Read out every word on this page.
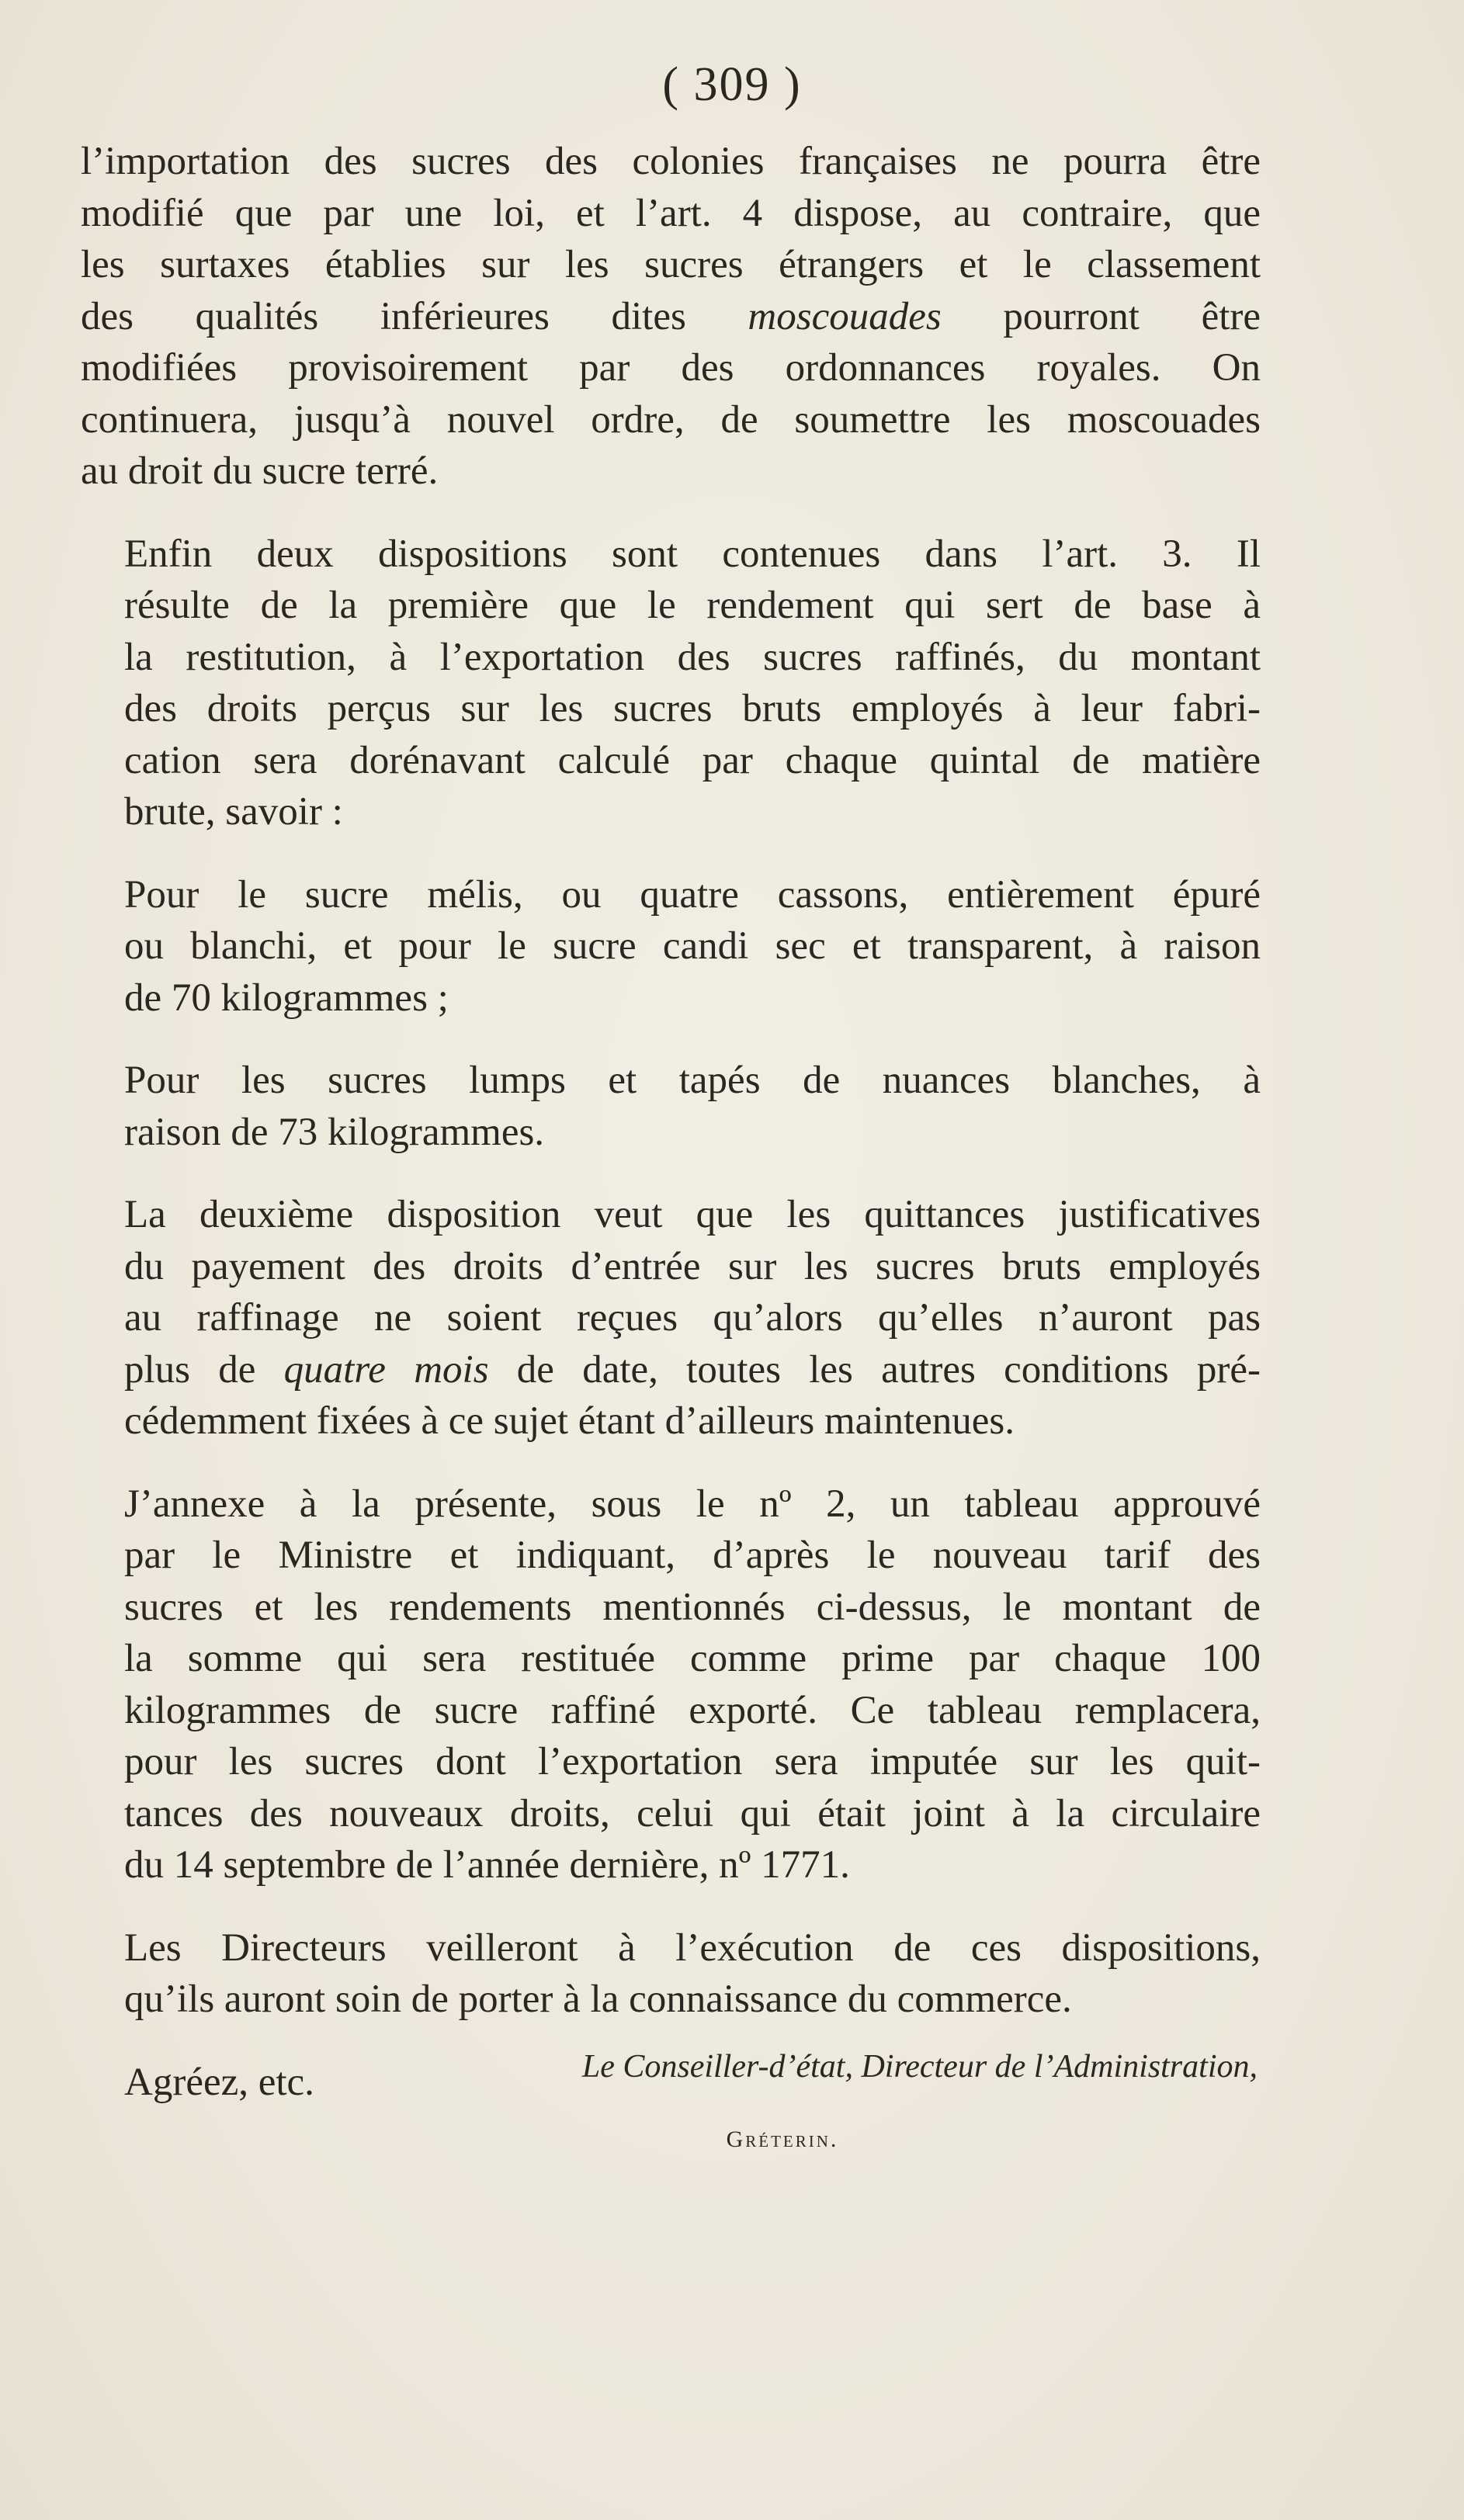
( 309 )
l’importation des sucres des colonies françaises ne pourra être
modifié que par une loi, et l’art. 4 dispose, au contraire, que
les surtaxes établies sur les sucres étrangers et le classement
des qualités inférieures dites moscouades pourront être
modifiées provisoirement par des ordonnances royales. On
continuera, jusqu’à nouvel ordre, de soumettre les moscouades
au droit du sucre terré.
Enfin deux dispositions sont contenues dans l’art. 3. Il
résulte de la première que le rendement qui sert de base à
la restitution, à l’exportation des sucres raffinés, du montant
des droits perçus sur les sucres bruts employés à leur fabri-
cation sera dorénavant calculé par chaque quintal de matière
brute, savoir :
Pour le sucre mélis, ou quatre cassons, entièrement épuré
ou blanchi, et pour le sucre candi sec et transparent, à raison
de 70 kilogrammes ;
Pour les sucres lumps et tapés de nuances blanches, à
raison de 73 kilogrammes.
La deuxième disposition veut que les quittances justificatives
du payement des droits d’entrée sur les sucres bruts employés
au raffinage ne soient reçues qu’alors qu’elles n’auront pas
plus de quatre mois de date, toutes les autres conditions pré-
cédemment fixées à ce sujet étant d’ailleurs maintenues.
J’annexe à la présente, sous le nº 2, un tableau approuvé
par le Ministre et indiquant, d’après le nouveau tarif des
sucres et les rendements mentionnés ci-dessus, le montant de
la somme qui sera restituée comme prime par chaque 100
kilogrammes de sucre raffiné exporté. Ce tableau remplacera,
pour les sucres dont l’exportation sera imputée sur les quit-
tances des nouveaux droits, celui qui était joint à la circulaire
du 14 septembre de l’année dernière, nº 1771.
Les Directeurs veilleront à l’exécution de ces dispositions,
qu’ils auront soin de porter à la connaissance du commerce.
Agréez, etc.	Le Conseiller-d’état, Directeur de l’Administration,
Gréterin.
